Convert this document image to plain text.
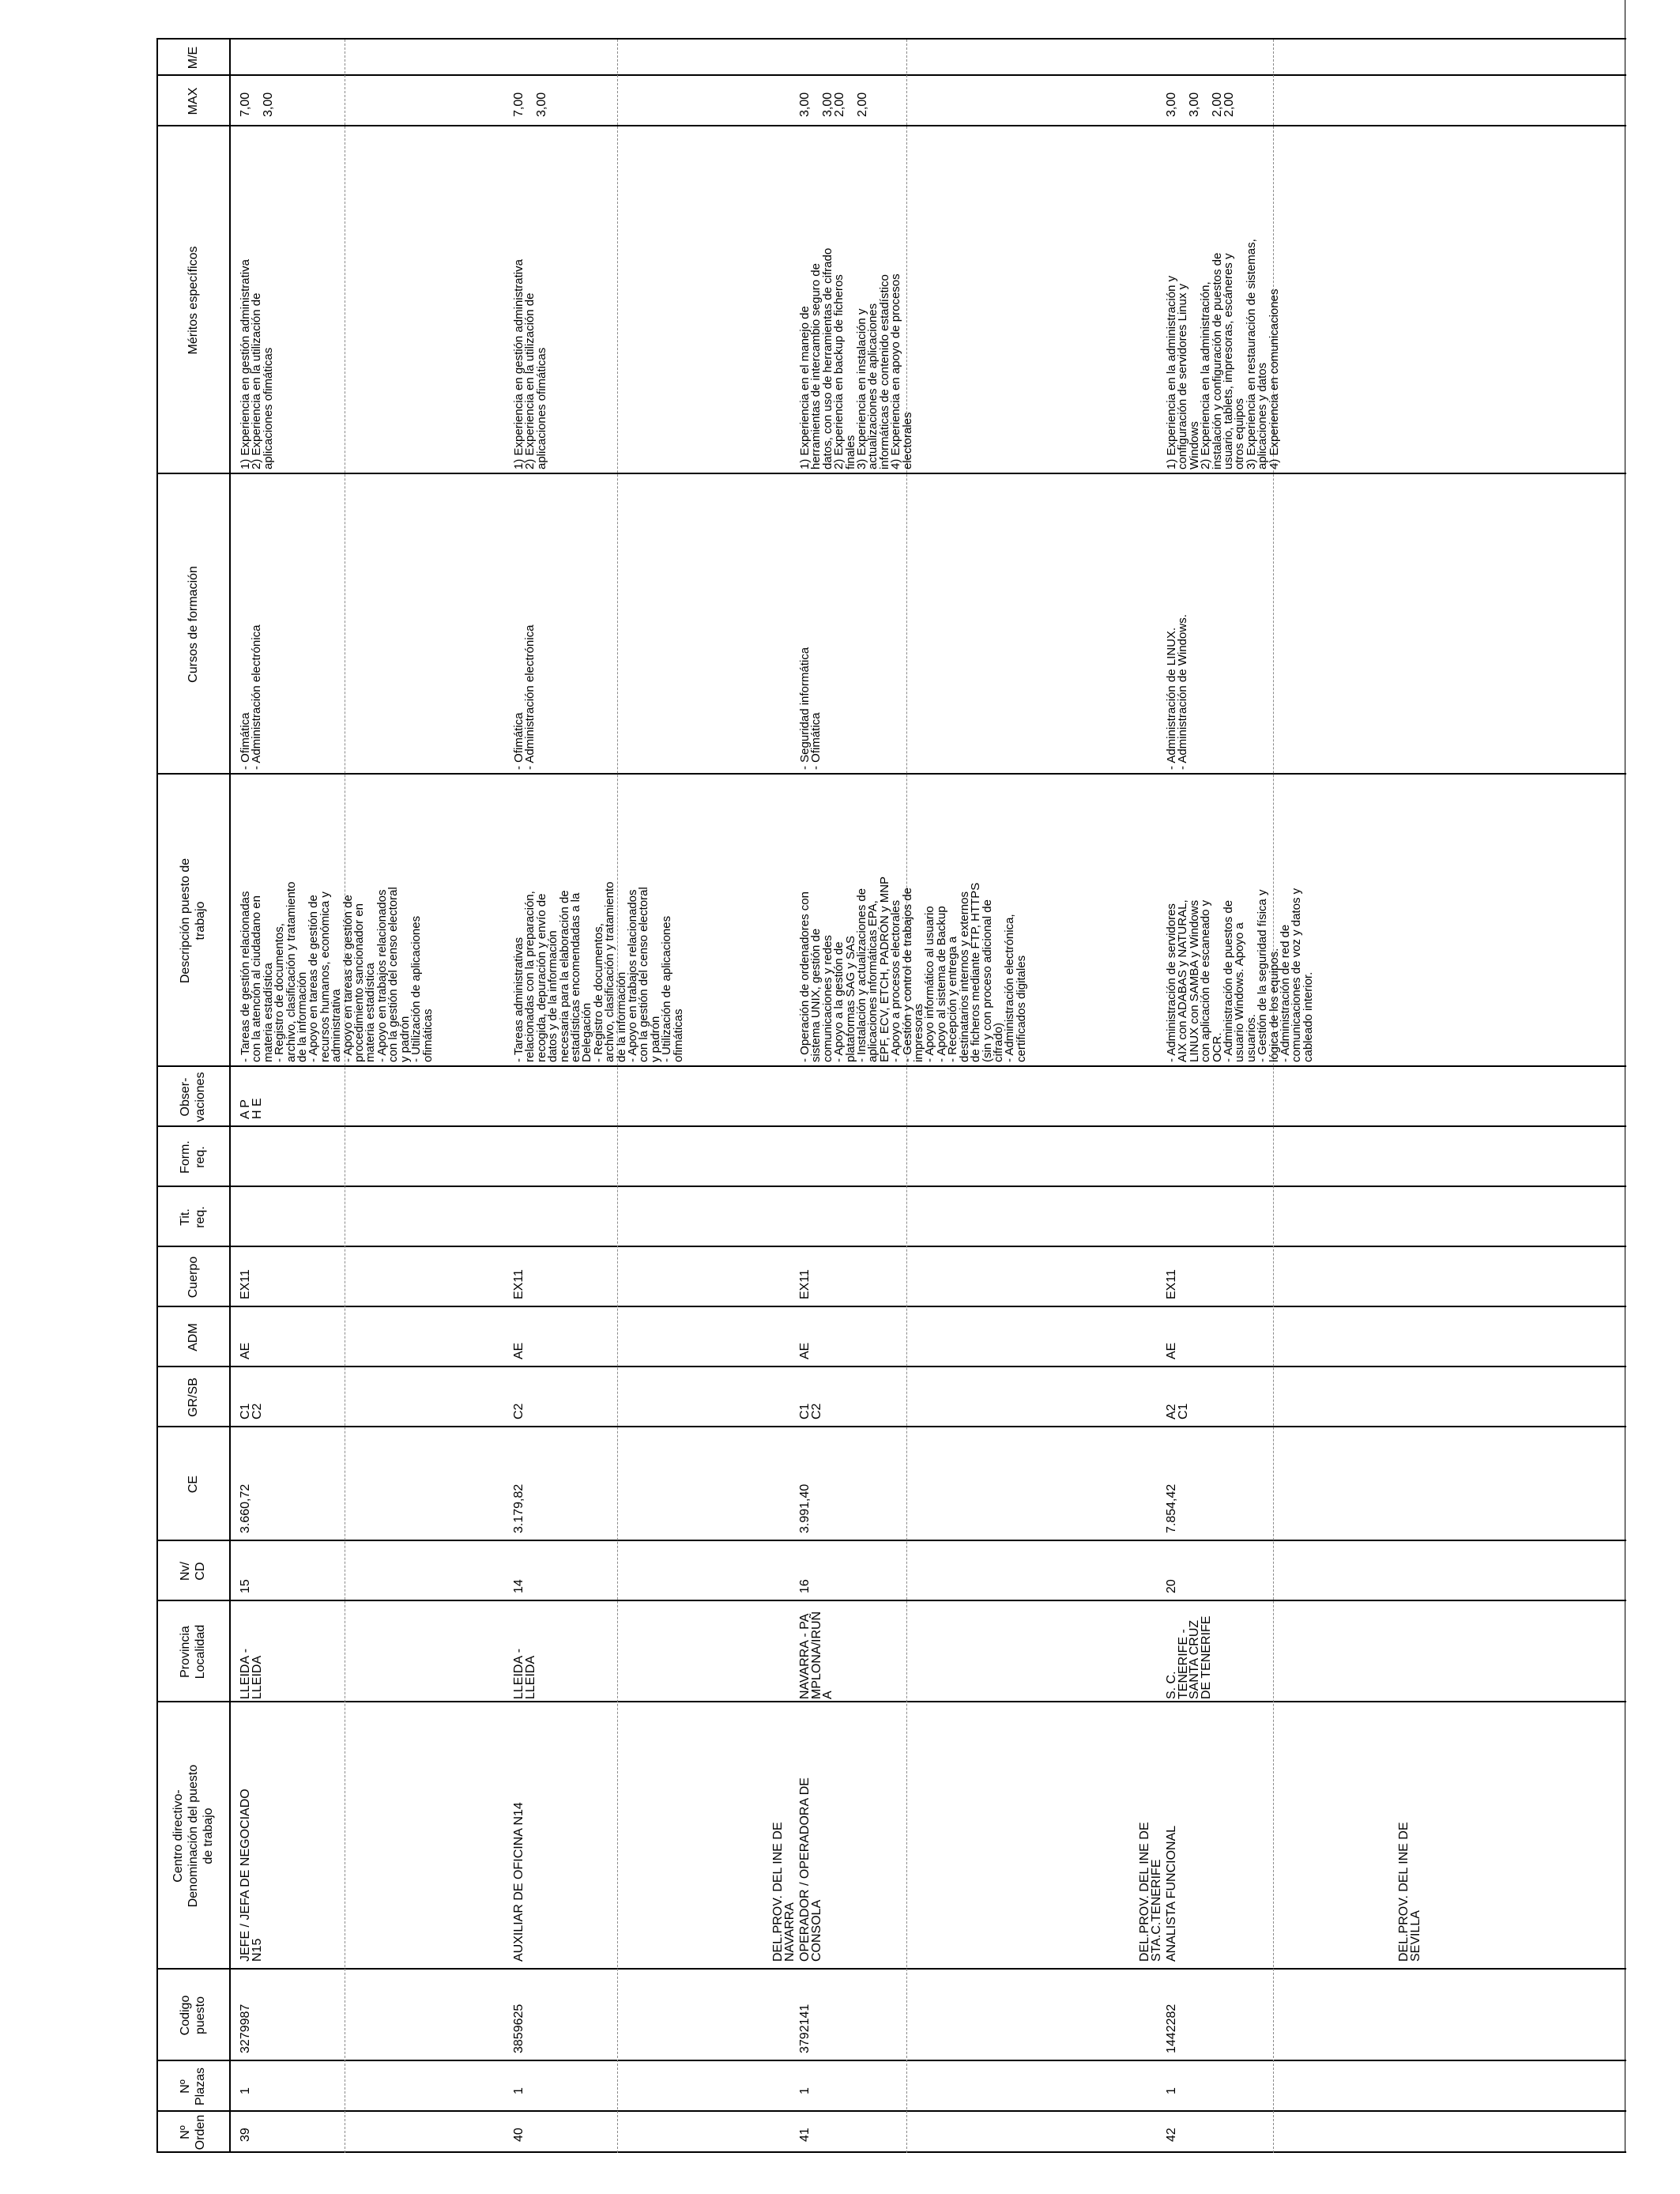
Nº
Orden
Nº
Plazas
Codigo
puesto
Centro directivo-
Denominación del puesto
de trabajo
Provincia
Localidad
Nv/
CD
CE
GR/SB
ADM
Cuerpo
Tit.
req.
Form.
req.
Obser-
vaciones
Descripción puesto de
trabajo
Cursos de formación
Méritos específicos
MAX
M/E
39
1
3279987
JEFE / JEFA DE NEGOCIADO
N15
LLEIDA -
LLEIDA
15
3.660,72
C1
C2
AE
EX11
A P
H E
- Tareas de gestión relacionadas
con la atención al ciudadano en
materia estadística
- Registro de documentos,
archivo, clasificación y tratamiento
de la información
- Apoyo en tareas de gestión de
recursos humanos, económica y
administrativa
- Apoyo en tareas de gestión de
procedimiento sancionador en
materia estadística
- Apoyo en trabajos relacionados
con la gestión del censo electoral
y padrón
- Utilización de aplicaciones
ofimáticas
- Ofimática
- Administración electrónica
1) Experiencia en gestión administrativa
2) Experiencia en la utilización de
aplicaciones ofimáticas
7,00

3,00
40
1
3859625
AUXILIAR DE OFICINA N14
LLEIDA -
LLEIDA
14
3.179,82
C2
AE
EX11
- Tareas administrativas
relacionadas con la preparación,
recogida, depuración y envío de
datos y de la información
necesaria para la elaboración de
estadísticas encomendadas a la
Delegación
- Registro de documentos,
archivo, clasificación y tratamiento
de la información
- Apoyo en trabajos relacionados
con la gestión del censo electoral
y padrón
- Utilización de aplicaciones
ofimáticas
- Ofimática
- Administración electrónica
1) Experiencia en gestión administrativa
2) Experiencia en la utilización de
aplicaciones ofimáticas
7,00

3,00
DEL.PROV. DEL INE DE
NAVARRA
41
1
3792141
OPERADOR / OPERADORA DE
CONSOLA
NAVARRA - PA
MPLONA/IRUÑ
A
16
3.991,40
C1
C2
AE
EX11
- Operación de ordenadores con
sistema UNIX, gestión de
comunicaciones y redes
- Apoyo a la gestión de
plataformas SAG y SAS
- Instalación y actualizaciones de
aplicaciones informáticas EPA,
EPF, ECV, ETCH, PADRÓN y MNP
- Apoyo a procesos electorales
- Gestión y control de trabajos de
impresoras
- Apoyo informático al usuario
- Apoyo al sistema de Backup
- Recepción y entrega a
destinatarios internos y externos
de ficheros mediante FTP, HTTPS
(sin y con proceso adicional de
cifrado)
- Administración electrónica,
certificados digitales
- Seguridad informática
- Ofimática
1) Experiencia en el manejo de
herramientas de intercambio seguro de
datos, con uso de herramientas de cifrado
2) Experiencia en backup de ficheros
finales
3) Experiencia en instalación y
actualizaciones de aplicaciones
informáticas de contenido estadístico
4) Experiencia en apoyo de procesos
electorales
3,00

3,00
2,00

2,00
DEL.PROV. DEL INE DE
STA.C.TENERIFE
42
1
1442282
ANALISTA FUNCIONAL
S. C.
TENERIFE -
SANTA CRUZ
DE TENERIFE
20
7.854,42
A2
C1
AE
EX11
- Administración de servidores
AIX con ADABAS y NATURAL,
LINUX con SAMBA y Windows
con aplicación de escaneado y
OCR.
- Administración de puestos de
usuario Windows. Apoyo a
usuarios.
- Gestión de la seguridad física y
lógica de los equipos.
- Administración de red de
comunicaciones de voz y datos y
cableado interior.
- Administración de LINUX.
- Administración de Windows.
1) Experiencia en la administración y
configuración de servidores Linux y
Windows
2) Experiencia en la administración,
instalación y configuración de puestos de
usuario, tablets, impresoras, escáneres y
otros equipos
3) Experiencia en restauración de sistemas,
aplicaciones y datos
4) Experiencia en comunicaciones
3,00

3,00

2,00
2,00
DEL.PROV. DEL INE DE
SEVILLA
